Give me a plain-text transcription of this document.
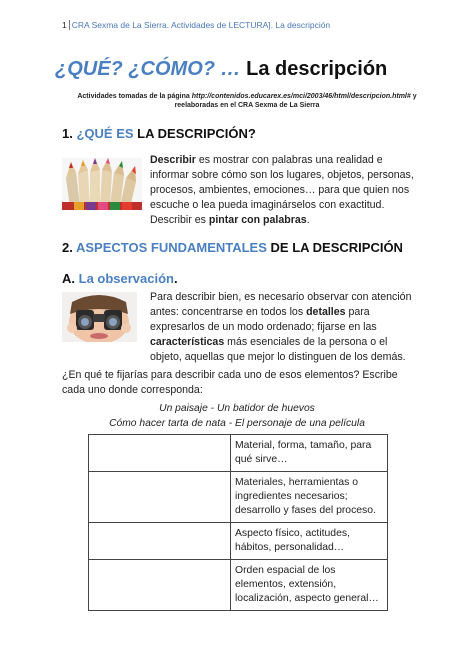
1 CRA Sexma de La Sierra. Actividades de LECTURA]. La descripción
¿QUÉ? ¿CÓMO? … La descripción
Actividades tomadas de la página http://contenidos.educarex.es/mci/2003/46/html/descripcion.html# y reelaboradas en el CRA Sexma de La Sierra
1. ¿QUÉ ES LA DESCRIPCIÓN?
Describir es mostrar con palabras una realidad e informar sobre cómo son los lugares, objetos, personas, procesos, ambientes, emociones… para que quien nos escuche o lea pueda imaginárselos con exactitud. Describir es pintar con palabras.
2. ASPECTOS FUNDAMENTALES DE LA DESCRIPCIÓN
A. La observación.
Para describir bien, es necesario observar con atención antes: concentrarse en todos los detalles para expresarlos de un modo ordenado; fijarse en las características más esenciales de la persona o el objeto, aquellas que mejor lo distinguen de los demás.
¿En qué te fijarías para describir cada uno de esos elementos? Escribe cada uno donde corresponda:
Un paisaje - Un batidor de huevos
Cómo hacer tarta de nata - El personaje de una película
	Material, forma, tamaño, para qué sirve…
	Materiales, herramientas o ingredientes necesarios; desarrollo y fases del proceso.
	Aspecto físico, actitudes, hábitos, personalidad…
	Orden espacial de los elementos, extensión, localización, aspecto general…
